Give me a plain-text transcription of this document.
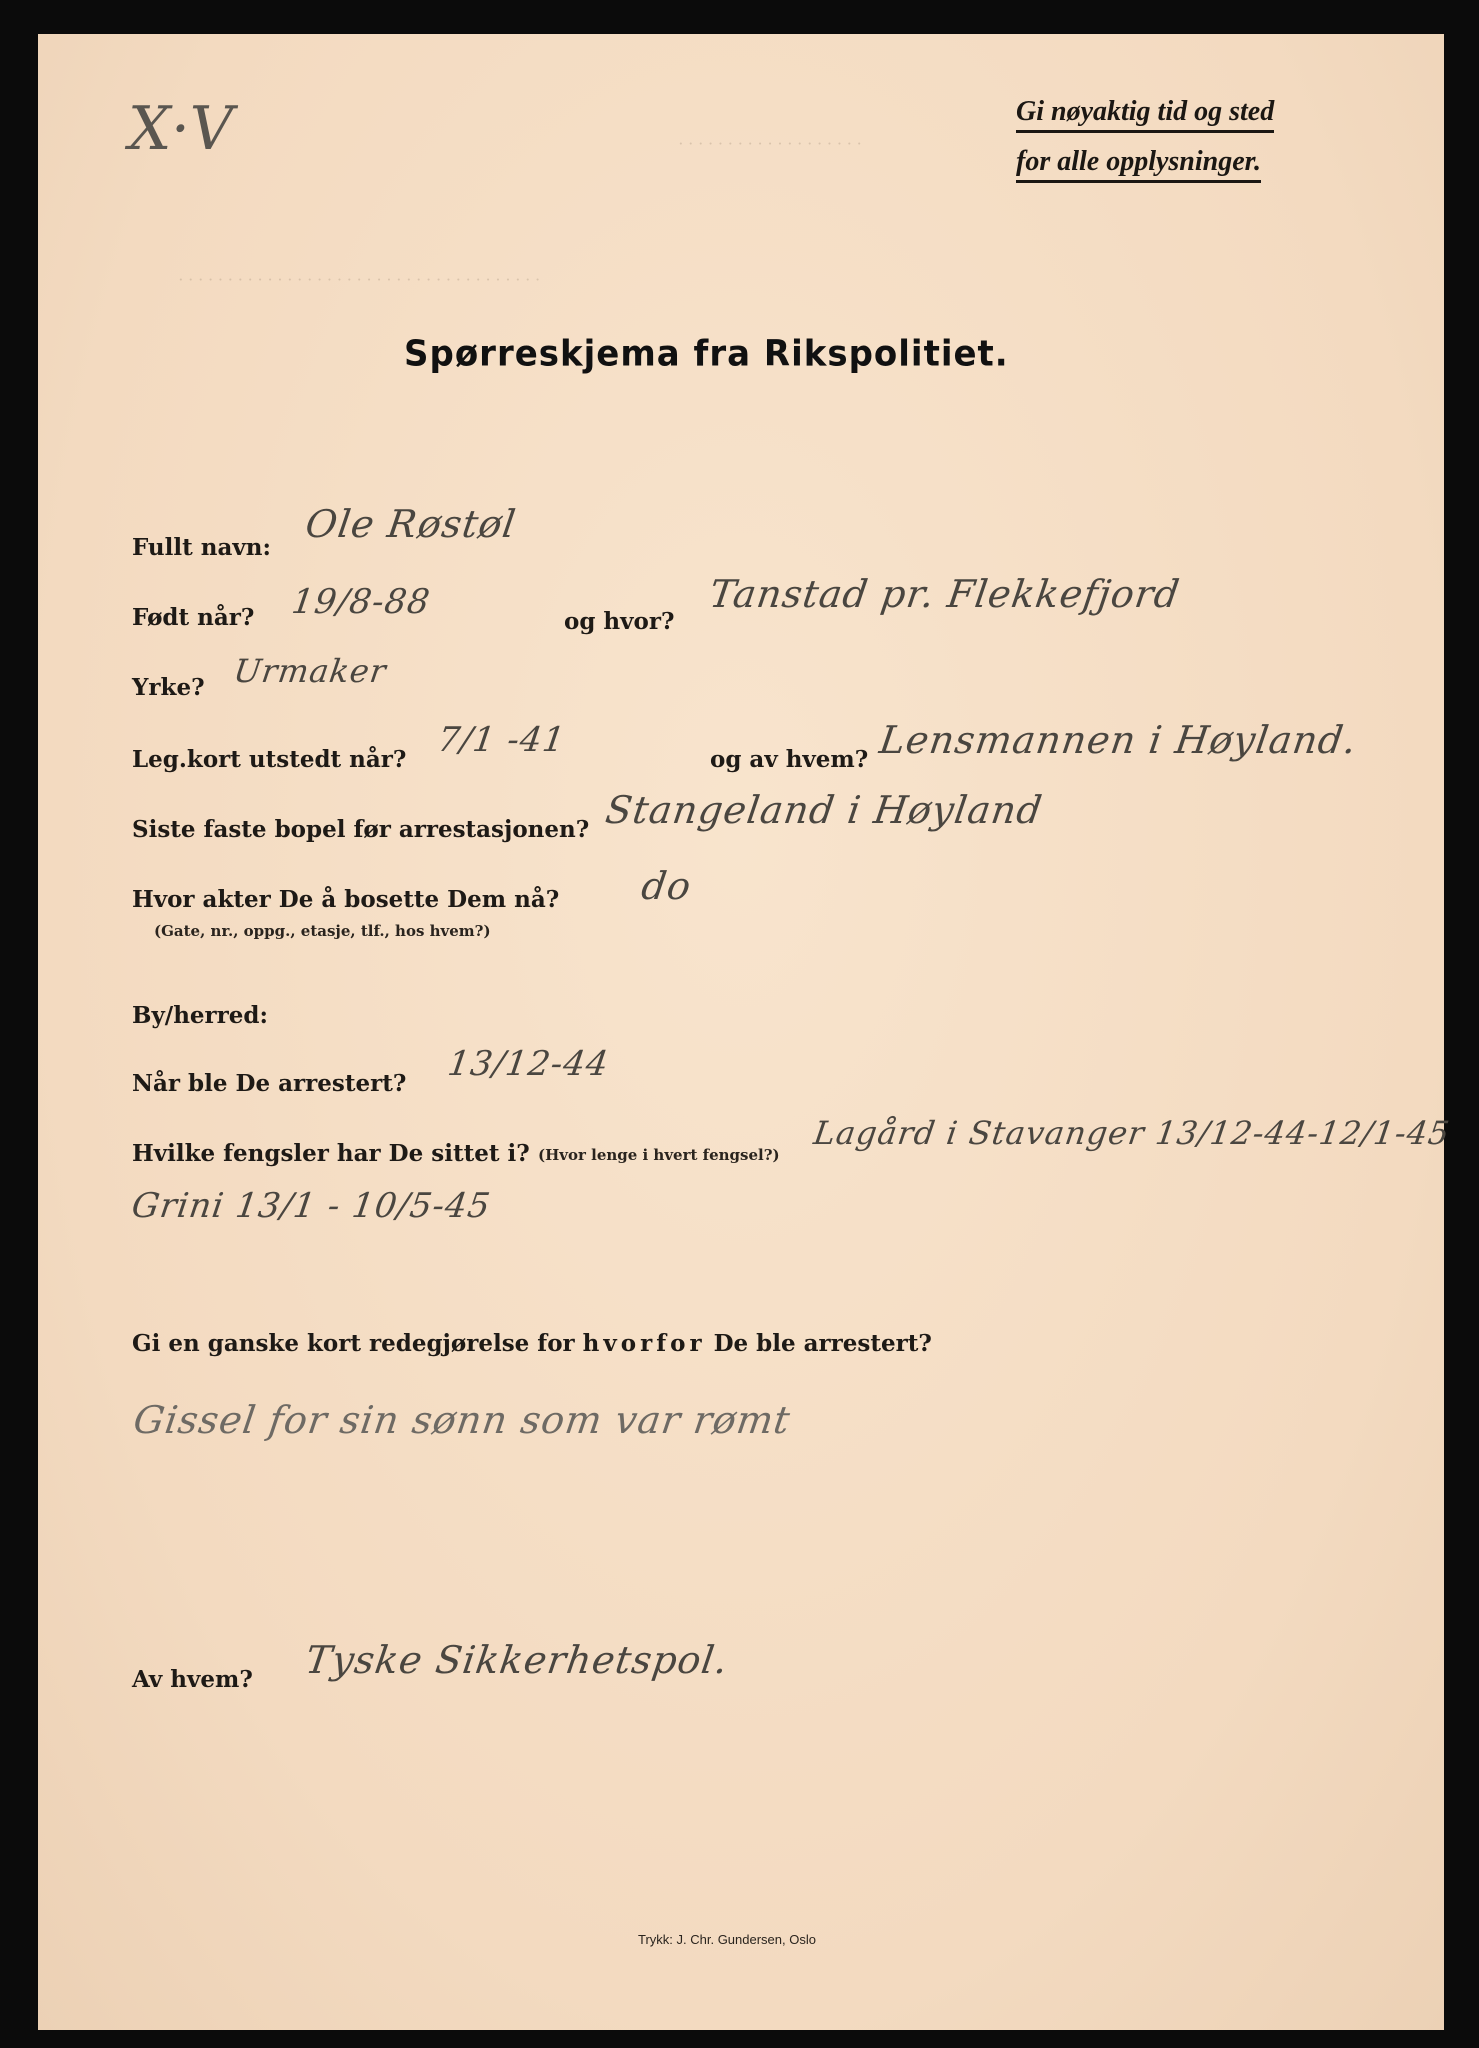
· · · · · · · · · · · · · · · · · · ·
· · · · · · · · · · · · · · · · · · · · · · · · · · · · · · · · · · · · ·
X·V	Gi nøyaktig tid og sted
for alle opplysninger.
Spørreskjema fra Rikspolitiet.
Fullt navn:
Ole Røstøl
Født når? 19/8-88	og hvor?
Tanstad pr. Flekkefjord
Yrke? Urmaker
Leg.kort utstedt når? 7/1 -41	og av hvem? Lensmannen i Høyland.
Siste faste bopel før arrestasjonen? Stangeland i Høyland
Hvor akter De å bosette Dem nå?
(Gate, nr., oppg., etasje, tlf., hos hvem?)
do
By/herred:
Når ble De arrestert? 13/12-44
Hvilke fengsler har De sittet i? (Hvor lenge i hvert fengsel?)
Lagård i Stavanger 13/12-44-12/1-45
Grini 13/1 - 10/5-45
Gi en ganske kort redegjørelse for hvorfor De ble arrestert?
Gissel for sin sønn som var rømt
Av hvem? Tyske Sikkerhetspol.
Trykk: J. Chr. Gundersen, Oslo
